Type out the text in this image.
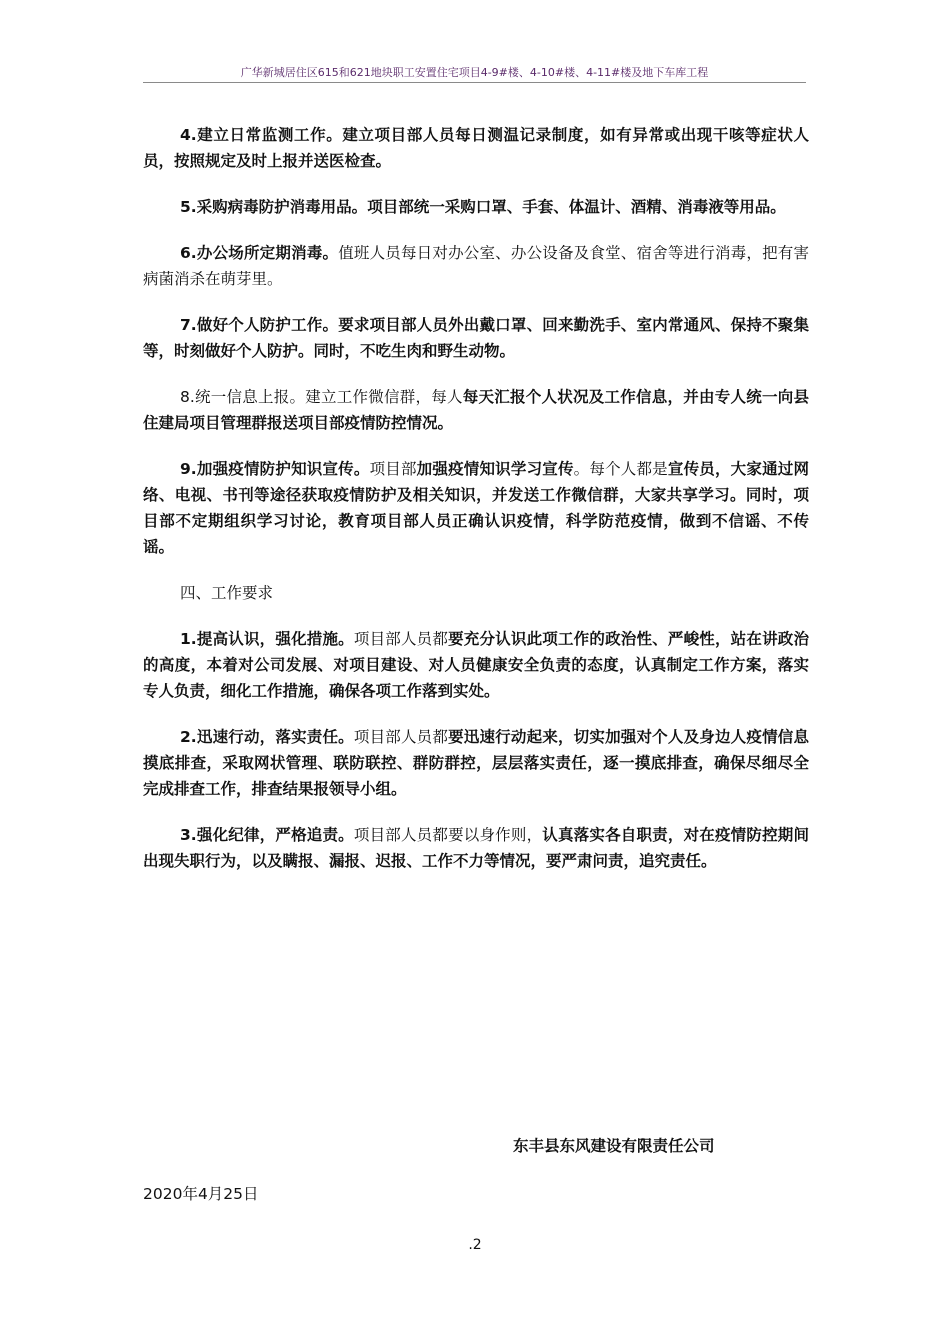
广华新城居住区615和621地块职工安置住宅项目4-9#楼、4-10#楼、4-11#楼及地下车库工程

4.建立日常监测工作。建立项目部人员每日测温记录制度，如有异常或出现干咳等症状人员，按照规定及时上报并送医检查。

5.采购病毒防护消毒用品。项目部统一采购口罩、手套、体温计、酒精、消毒液等用品。

6.办公场所定期消毒。值班人员每日对办公室、办公设备及食堂、宿舍等进行消毒，把有害病菌消杀在萌芽里。

7.做好个人防护工作。要求项目部人员外出戴口罩、回来勤洗手、室内常通风、保持不聚集等，时刻做好个人防护。同时，不吃生肉和野生动物。

8.统一信息上报。建立工作微信群，每人每天汇报个人状况及工作信息，并由专人统一向县住建局项目管理群报送项目部疫情防控情况。

9.加强疫情防护知识宣传。项目部加强疫情知识学习宣传。每个人都是宣传员，大家通过网络、电视、书刊等途径获取疫情防护及相关知识，并发送工作微信群，大家共享学习。同时，项目部不定期组织学习讨论，教育项目部人员正确认识疫情，科学防范疫情，做到不信谣、不传谣。

四、工作要求

1.提高认识，强化措施。项目部人员都要充分认识此项工作的政治性、严峻性，站在讲政治的高度，本着对公司发展、对项目建设、对人员健康安全负责的态度，认真制定工作方案，落实专人负责，细化工作措施，确保各项工作落到实处。

2.迅速行动，落实责任。项目部人员都要迅速行动起来，切实加强对个人及身边人疫情信息摸底排查，采取网状管理、联防联控、群防群控，层层落实责任，逐一摸底排查，确保尽细尽全完成排查工作，排查结果报领导小组。

3.强化纪律，严格追责。项目部人员都要以身作则，认真落实各自职责，对在疫情防控期间出现失职行为，以及瞒报、漏报、迟报、工作不力等情况，要严肃问责，追究责任。

东丰县东风建设有限责任公司
2020年4月25日
.2
